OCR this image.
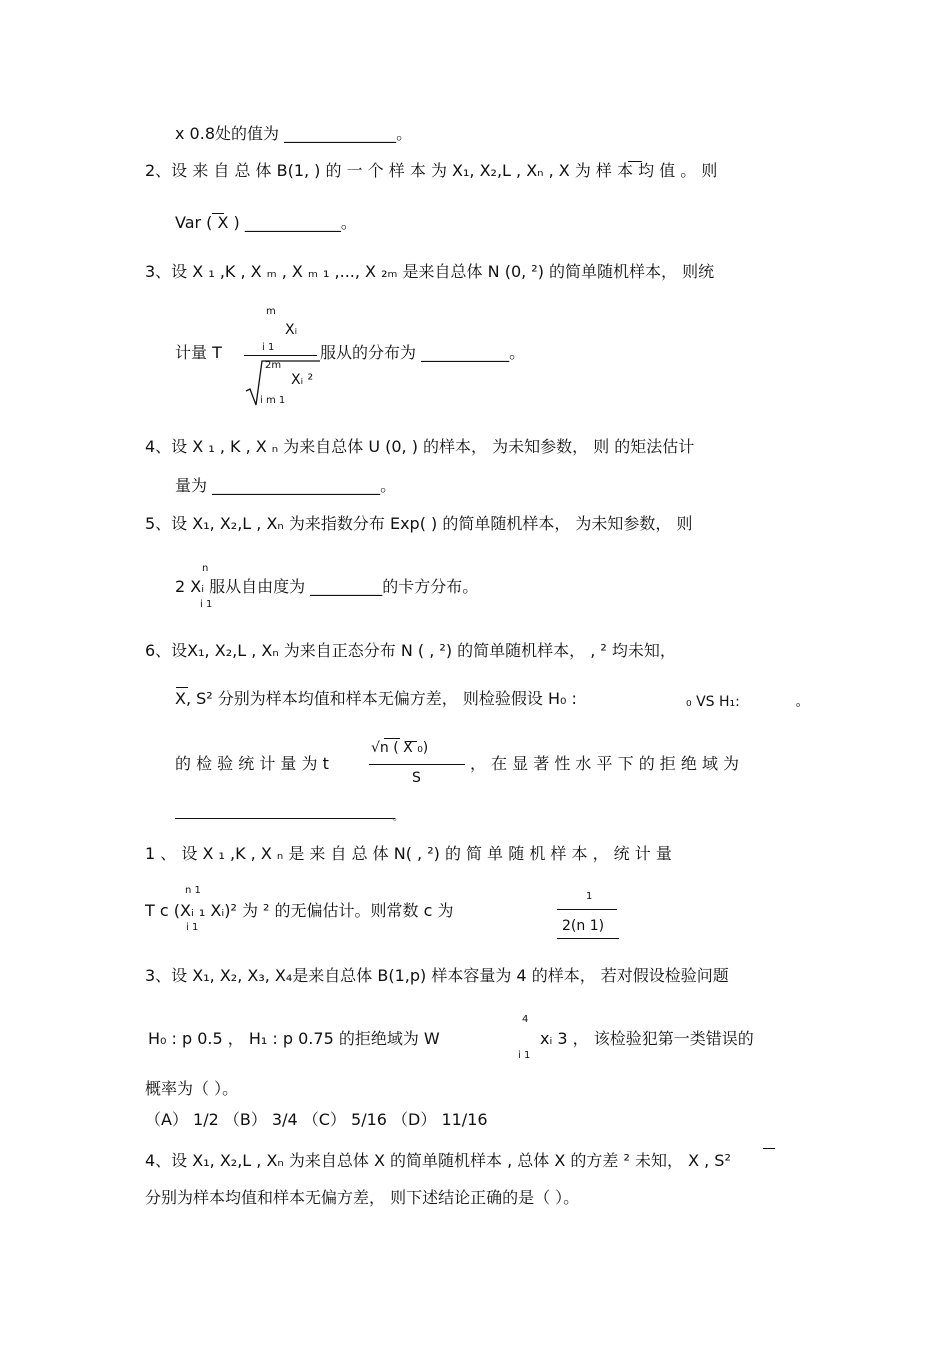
x 0.8处的值为 ______________。
2、设 来 自 总 体 B(1, ) 的 一 个 样 本 为 X₁, X₂,L , Xₙ , X 为 样 本 均 值 。 则
Var ( X ) ____________。
3、设 X ₁ ,K , X ₘ , X ₘ ₁ ,..., X ₂ₘ 是来自总体 N (0, ²) 的简单随机样本， 则统
m
Xᵢ
i 1
计量 T	服从的分布为 ___________。
2m
Xᵢ ²
i m 1
4、设 X ₁ , K , X ₙ 为来自总体 U (0, ) 的样本， 为未知参数， 则 的矩法估计
量为 _____________________。
5、设 X₁, X₂,L , Xₙ 为来指数分布 Exp( ) 的简单随机样本， 为未知参数， 则
n
2 Xᵢ 服从自由度为 _________的卡方分布。
i 1
6、设X₁, X₂,L , Xₙ 为来自正态分布 N ( , ²) 的简单随机样本， , ² 均未知，
X, S² 分别为样本均值和样本无偏方差， 则检验假设 H₀ :	₀ VS H₁:	₀
√n ( X ₀)
的 检 验 统 计 量 为 t
S
， 在 显 著 性 水 平 下 的 拒 绝 域 为
。
1 、 设 X ₁ ,K , X ₙ 是 来 自 总 体 N( , ²) 的 简 单 随 机 样 本 ， 统 计 量
n 1
1
T c (Xᵢ ₁ Xᵢ)² 为 ² 的无偏估计。则常数 c 为
2(n 1)
i 1
3、设 X₁, X₂, X₃, X₄是来自总体 B(1,p) 样本容量为 4 的样本， 若对假设检验问题
4
H₀ : p 0.5 ， H₁ : p 0.75 的拒绝域为 W	xᵢ 3 ， 该检验犯第一类错误的
i 1
概率为（ ）。
（A） 1/2 （B） 3/4 （C） 5/16 （D） 11/16
4、设 X₁, X₂,L , Xₙ 为来自总体 X 的简单随机样本 , 总体 X 的方差 ² 未知， X , S²
分别为样本均值和样本无偏方差， 则下述结论正确的是（ ）。
